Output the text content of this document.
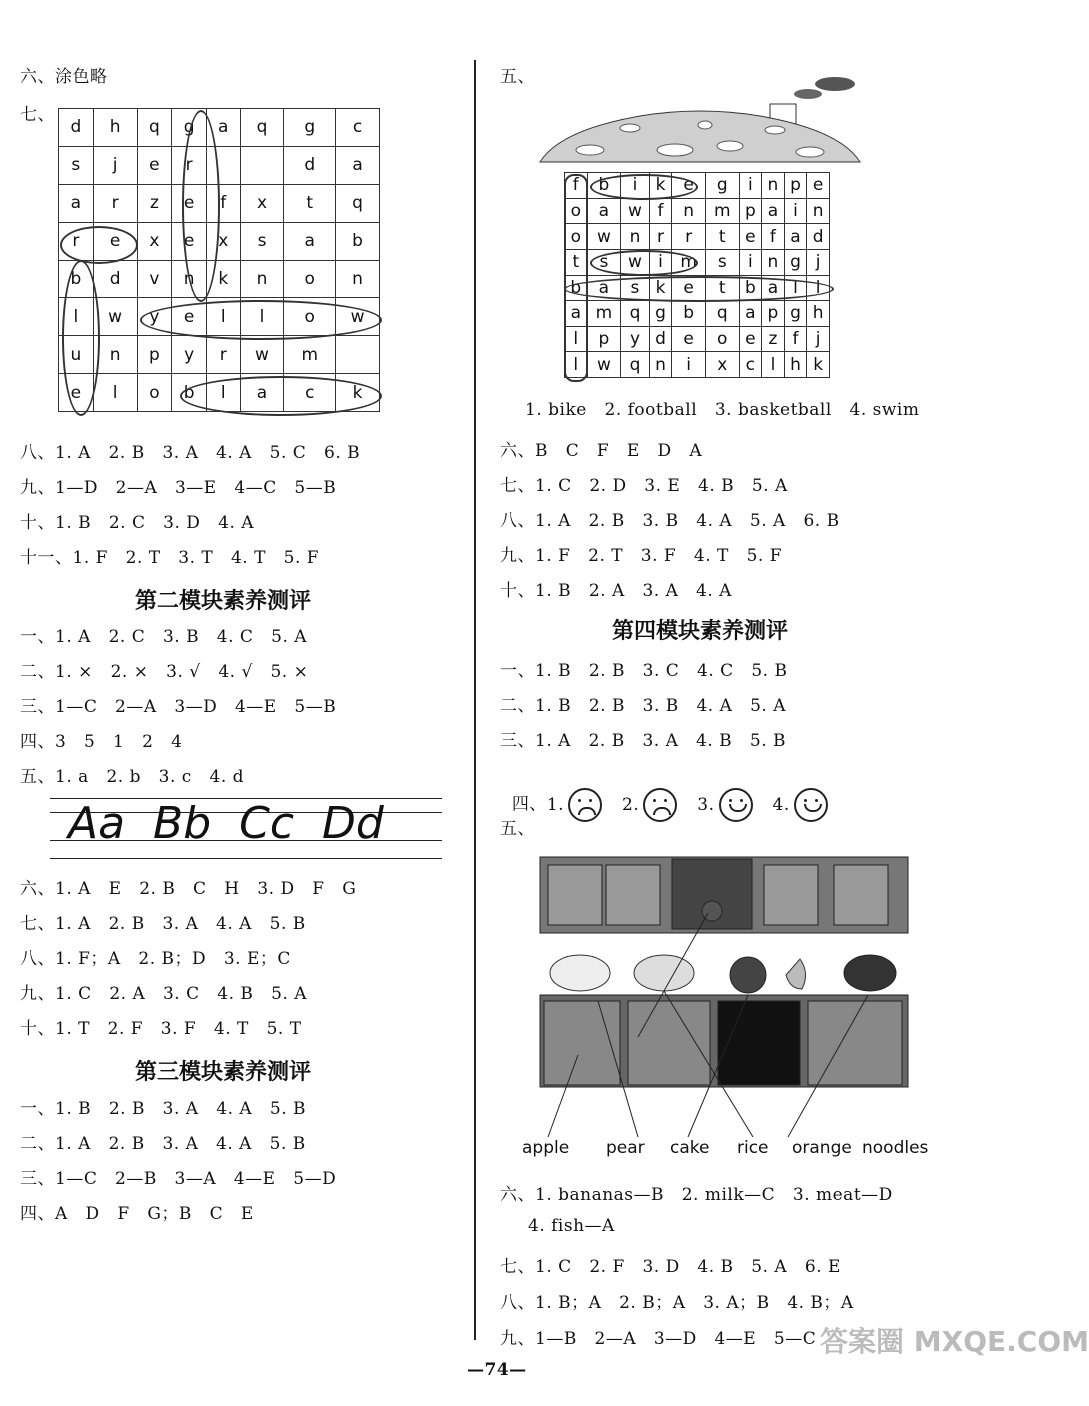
六、涂色略
七、
d	h	q	g	a	q	g	c
s	j	e	r			d	a
a	r	z	e	f	x	t	q
r	e	x	e	x	s	a	b
b	d	v	n	k	n	o	n
l	w	y	e	l	l	o	w
u	n	p	y	r	w	m	
e	l	o	b	l	a	c	k
八、1. A   2. B   3. A   4. A   5. C   6. B
九、1—D   2—A   3—E   4—C   5—B
十、1. B   2. C   3. D   4. A
十一、1. F   2. T   3. T   4. T   5. F
第二模块素养测评
一、1. A   2. C   3. B   4. C   5. A
二、1. ×   2. ×   3. √   4. √   5. ×
三、1—C   2—A   3—D   4—E   5—B
四、3   5   1   2   4
五、1. a   2. b   3. c   4. d
Aa  Bb  Cc  Dd
六、1. A   E   2. B   C   H   3. D   F   G
七、1. A   2. B   3. A   4. A   5. B
八、1. F；A   2. B；D   3. E；C
九、1. C   2. A   3. C   4. B   5. A
十、1. T   2. F   3. F   4. T   5. T
第三模块素养测评
一、1. B   2. B   3. A   4. A   5. B
二、1. A   2. B   3. A   4. A   5. B
三、1—C   2—B   3—A   4—E   5—D
四、A   D   F   G；B   C   E
五、
f	b	i	k	e	g	i	n	p	e
o	a	w	f	n	m	p	a	i	n
o	w	n	r	r	t	e	f	a	d
t	s	w	i	m	s	i	n	g	j
b	a	s	k	e	t	b	a	l	l
a	m	q	g	b	q	a	p	g	h
l	p	y	d	e	o	e	z	f	j
l	w	q	n	i	x	c	l	h	k
1. bike   2. football   3. basketball   4. swim
六、B   C   F   E   D   A
七、1. C   2. D   3. E   4. B   5. A
八、1. A   2. B   3. B   4. A   5. A   6. B
九、1. F   2. T   3. F   4. T   5. F
十、1. B   2. A   3. A   4. A
第四模块素养测评
一、1. B   2. B   3. C   4. C   5. B
二、1. B   2. B   3. B   4. A   5. A
三、1. A   2. B   3. A   4. B   5. B

四、1.	2.	3.	4.

五、
apple pear cake rice orange noodles
六、1. bananas—B   2. milk—C   3. meat—D
4. fish—A
七、1. C   2. F   3. D   4. B   5. A   6. E
八、1. B；A   2. B；A   3. A；B   4. B；A
九、1—B   2—A   3—D   4—E   5—C
—74—
答案圈 MXQE.COM
